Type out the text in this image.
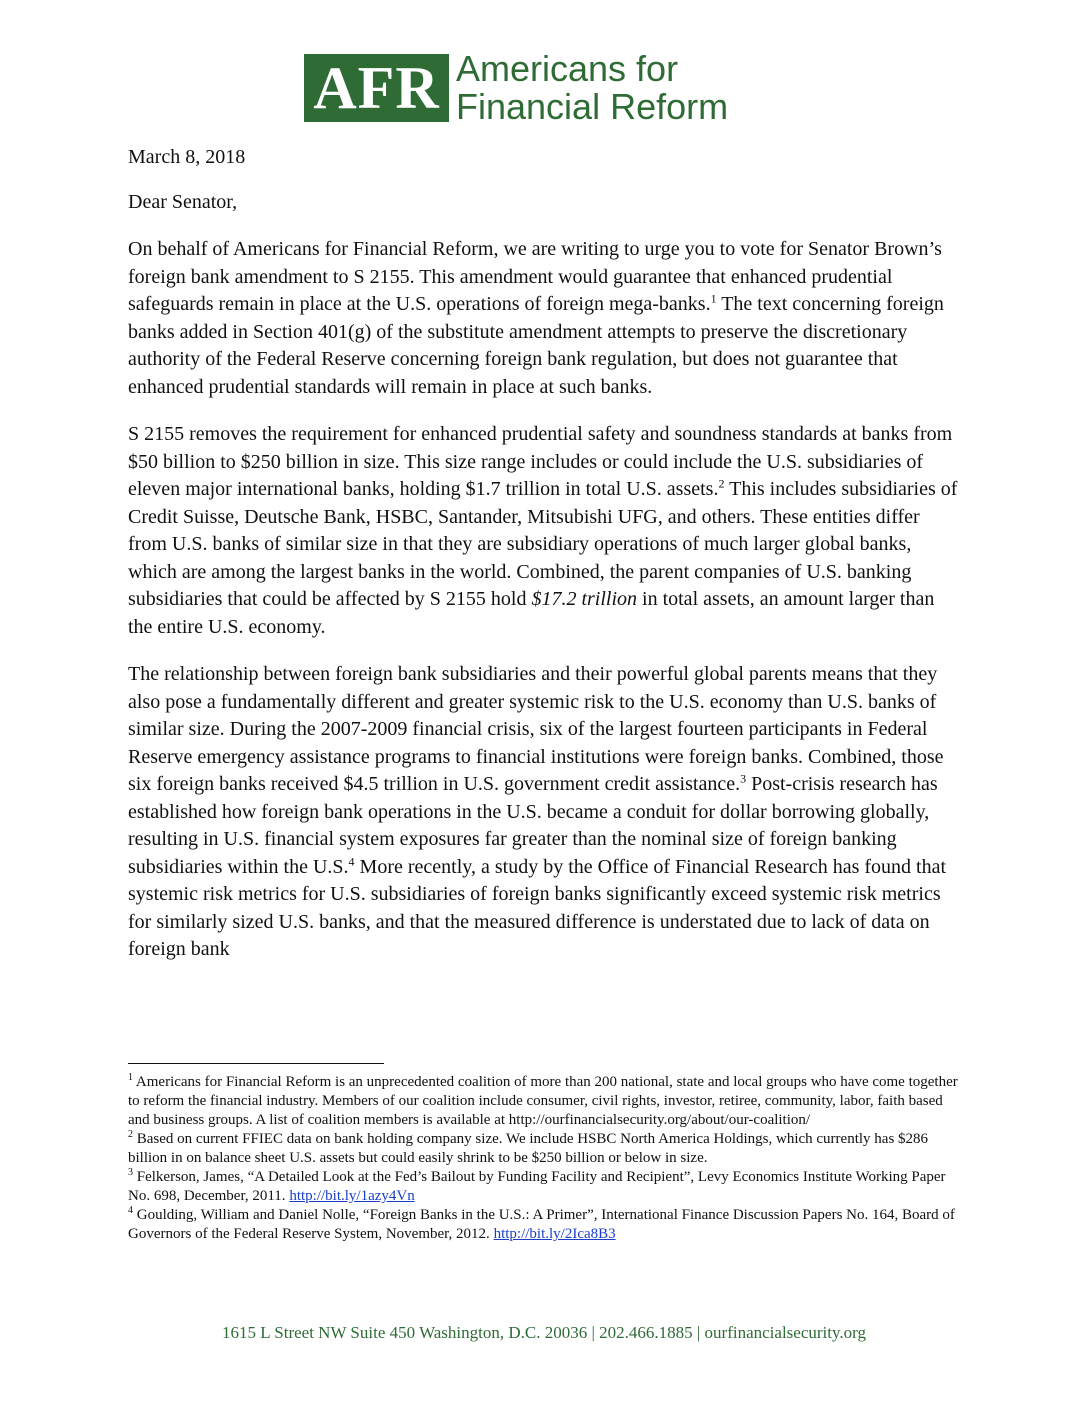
AFR Americans for
Financial Reform

March 8, 2018

Dear Senator,

On behalf of Americans for Financial Reform, we are writing to urge you to vote for Senator Brown’s foreign bank amendment to S 2155. This amendment would guarantee that enhanced prudential safeguards remain in place at the U.S. operations of foreign mega-banks.$^1$ The text concerning foreign banks added in Section 401(g) of the substitute amendment attempts to preserve the discretionary authority of the Federal Reserve concerning foreign bank regulation, but does not guarantee that enhanced prudential standards will remain in place at such banks.

S 2155 removes the requirement for enhanced prudential safety and soundness standards at banks from $50 billion to $250 billion in size. This size range includes or could include the U.S. subsidiaries of eleven major international banks, holding $1.7 trillion in total U.S. assets.$^2$ This includes subsidiaries of Credit Suisse, Deutsche Bank, HSBC, Santander, Mitsubishi UFG, and others. These entities differ from U.S. banks of similar size in that they are subsidiary operations of much larger global banks, which are among the largest banks in the world. Combined, the parent companies of U.S. banking subsidiaries that could be affected by S 2155 hold $17.2 trillion in total assets, an amount larger than the entire U.S. economy.

The relationship between foreign bank subsidiaries and their powerful global parents means that they also pose a fundamentally different and greater systemic risk to the U.S. economy than U.S. banks of similar size. During the 2007-2009 financial crisis, six of the largest fourteen participants in Federal Reserve emergency assistance programs to financial institutions were foreign banks. Combined, those six foreign banks received $4.5 trillion in U.S. government credit assistance.$^3$ Post-crisis research has established how foreign bank operations in the U.S. became a conduit for dollar borrowing globally, resulting in U.S. financial system exposures far greater than the nominal size of foreign banking subsidiaries within the U.S.$^4$ More recently, a study by the Office of Financial Research has found that systemic risk metrics for U.S. subsidiaries of foreign banks significantly exceed systemic risk metrics for similarly sized U.S. banks, and that the measured difference is understated due to lack of data on foreign bank

$^1$ Americans for Financial Reform is an unprecedented coalition of more than 200 national, state and local groups who have come together to reform the financial industry. Members of our coalition include consumer, civil rights, investor, retiree, community, labor, faith based and business groups. A list of coalition members is available at http://ourfinancialsecurity.org/about/our-coalition/

$^2$ Based on current FFIEC data on bank holding company size. We include HSBC North America Holdings, which currently has $286 billion in on balance sheet U.S. assets but could easily shrink to be $250 billion or below in size.

$^3$ Felkerson, James, “A Detailed Look at the Fed’s Bailout by Funding Facility and Recipient”, Levy Economics Institute Working Paper No. 698, December, 2011. http://bit.ly/1azy4Vn

$^4$ Goulding, William and Daniel Nolle, “Foreign Banks in the U.S.: A Primer”, International Finance Discussion Papers No. 164, Board of Governors of the Federal Reserve System, November, 2012. http://bit.ly/2Ica8B3

1615 L Street NW Suite 450 Washington, D.C. 20036 | 202.466.1885 | ourfinancialsecurity.org
